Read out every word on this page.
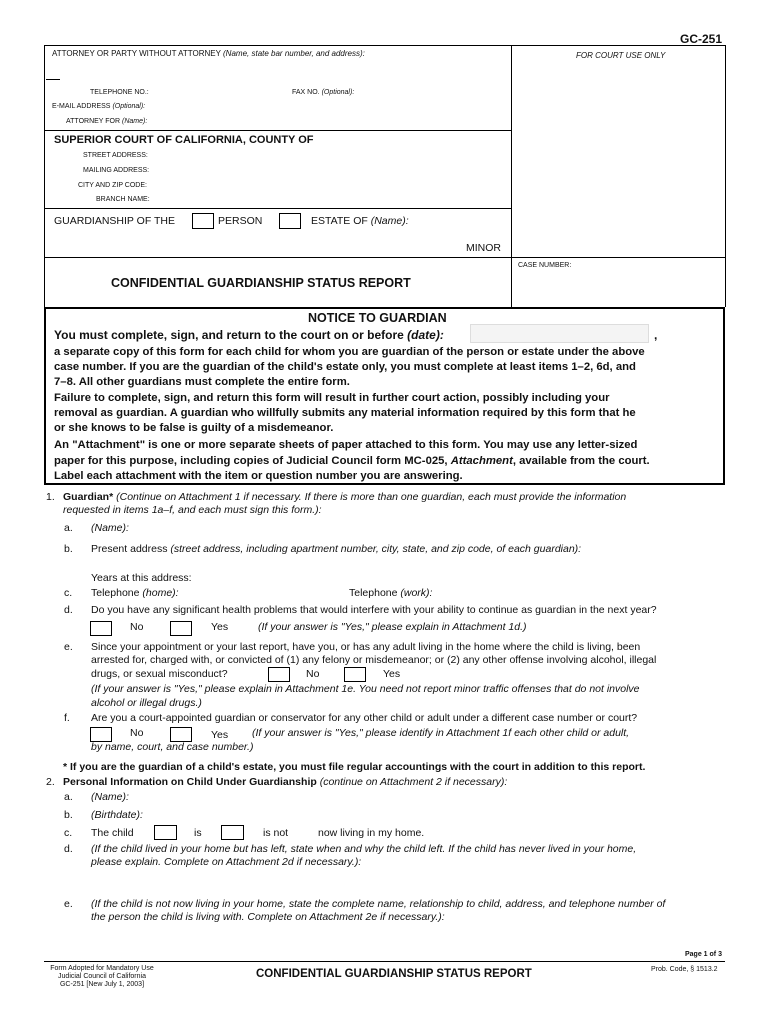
GC-251
ATTORNEY OR PARTY WITHOUT ATTORNEY (Name, state bar number, and address):	FOR COURT USE ONLY
TELEPHONE NO.:	FAX NO. (Optional):
E-MAIL ADDRESS (Optional):
ATTORNEY FOR (Name):
SUPERIOR COURT OF CALIFORNIA, COUNTY OF
STREET ADDRESS:
MAILING ADDRESS:
CITY AND ZIP CODE:
BRANCH NAME:
GUARDIANSHIP OF THE	PERSON	ESTATE OF (Name):
MINOR
CASE NUMBER:
CONFIDENTIAL GUARDIANSHIP STATUS REPORT
NOTICE TO GUARDIAN
You must complete, sign, and return to the court on or before (date):	,
a separate copy of this form for each child for whom you are guardian of the person or estate under the above
case number. If you are the guardian of the child's estate only, you must complete at least items 1–2, 6d, and
7–8. All other guardians must complete the entire form.
Failure to complete, sign, and return this form will result in further court action, possibly including your
removal as guardian. A guardian who willfully submits any material information required by this form that he
or she knows to be false is guilty of a misdemeanor.
An "Attachment" is one or more separate sheets of paper attached to this form. You may use any letter-sized
paper for this purpose, including copies of Judicial Council form MC-025, Attachment, available from the court.
Label each attachment with the item or question number you are answering.
1. Guardian* (Continue on Attachment 1 if necessary. If there is more than one guardian, each must provide the information
requested in items 1a–f, and each must sign this form.):
a. (Name):
b. Present address (street address, including apartment number, city, state, and zip code, of each guardian):
Years at this address:
c. Telephone (home):	Telephone (work):
d. Do you have any significant health problems that would interfere with your ability to continue as guardian in the next year?
No	Yes	(If your answer is "Yes," please explain in Attachment 1d.)
e. Since your appointment or your last report, have you, or has any adult living in the home where the child is living, been
arrested for, charged with, or convicted of (1) any felony or misdemeanor; or (2) any other offense involving alcohol, illegal
drugs, or sexual misconduct?	No	Yes
(If your answer is "Yes," please explain in Attachment 1e. You need not report minor traffic offenses that do not involve
alcohol or illegal drugs.)
f. Are you a court-appointed guardian or conservator for any other child or adult under a different case number or court?
No	Yes (If your answer is "Yes," please identify in Attachment 1f each other child or adult,
by name, court, and case number.)
* If you are the guardian of a child's estate, you must file regular accountings with the court in addition to this report.
2. Personal Information on Child Under Guardianship (continue on Attachment 2 if necessary):
a. (Name):
b. (Birthdate):
c. The child	is	is not	now living in my home.
d. (If the child lived in your home but has left, state when and why the child left. If the child has never lived in your home,
please explain. Complete on Attachment 2d if necessary.):
e. (If the child is not now living in your home, state the complete name, relationship to child, address, and telephone number of
the person the child is living with. Complete on Attachment 2e if necessary.):
Page 1 of 3
Form Adopted for Mandatory Use
Judicial Council of California
GC-251 [New July 1, 2003]
CONFIDENTIAL GUARDIANSHIP STATUS REPORT	Prob. Code, § 1513.2
